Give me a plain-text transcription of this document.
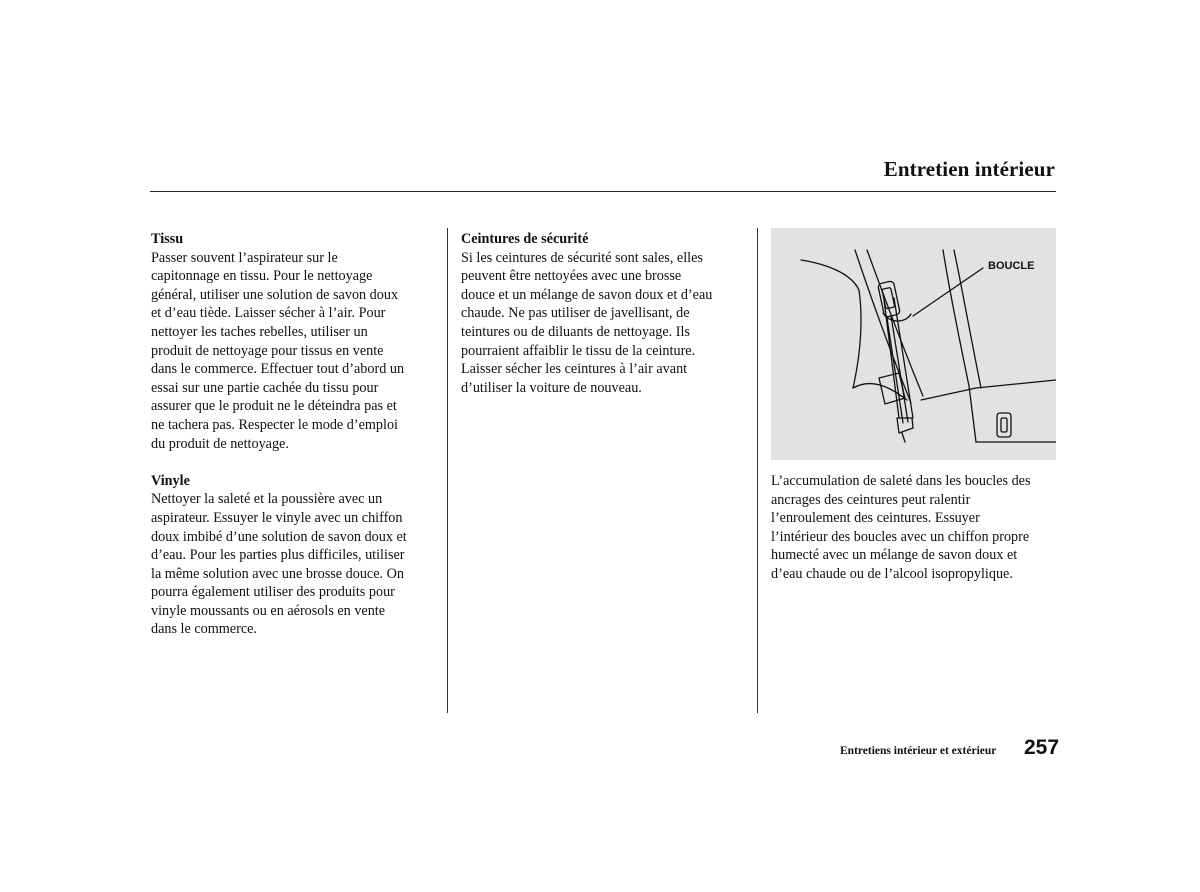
Entretien intérieur
Tissu

Passer souvent l’aspirateur sur le

capitonnage en tissu. Pour le nettoyage

général, utiliser une solution de savon doux

et d’eau tiède. Laisser sécher à l’air. Pour

nettoyer les taches rebelles, utiliser un

produit de nettoyage pour tissus en vente

dans le commerce. Effectuer tout d’abord un

essai sur une partie cachée du tissu pour

assurer que le produit ne le déteindra pas et

ne tachera pas. Respecter le mode d’emploi

du produit de nettoyage.

Vinyle

Nettoyer la saleté et la poussière avec un

aspirateur. Essuyer le vinyle avec un chiffon

doux imbibé d’une solution de savon doux et

d’eau. Pour les parties plus difficiles, utiliser

la même solution avec une brosse douce. On

pourra également utiliser des produits pour

vinyle moussants ou en aérosols en vente

dans le commerce.

Ceintures de sécurité

Si les ceintures de sécurité sont sales, elles

peuvent être nettoyées avec une brosse

douce et un mélange de savon doux et d’eau

chaude. Ne pas utiliser de javellisant, de

teintures ou de diluants de nettoyage. Ils

pourraient affaiblir le tissu de la ceinture.

Laisser sécher les ceintures à l’air avant

d’utiliser la voiture de nouveau.

BOUCLE

L’accumulation de saleté dans les boucles des

ancrages des ceintures peut ralentir

l’enroulement des ceintures. Essuyer

l’intérieur des boucles avec un chiffon propre

humecté avec un mélange de savon doux et

d’eau chaude ou de l’alcool isopropylique.

Entretiens intérieur et extérieur 257
